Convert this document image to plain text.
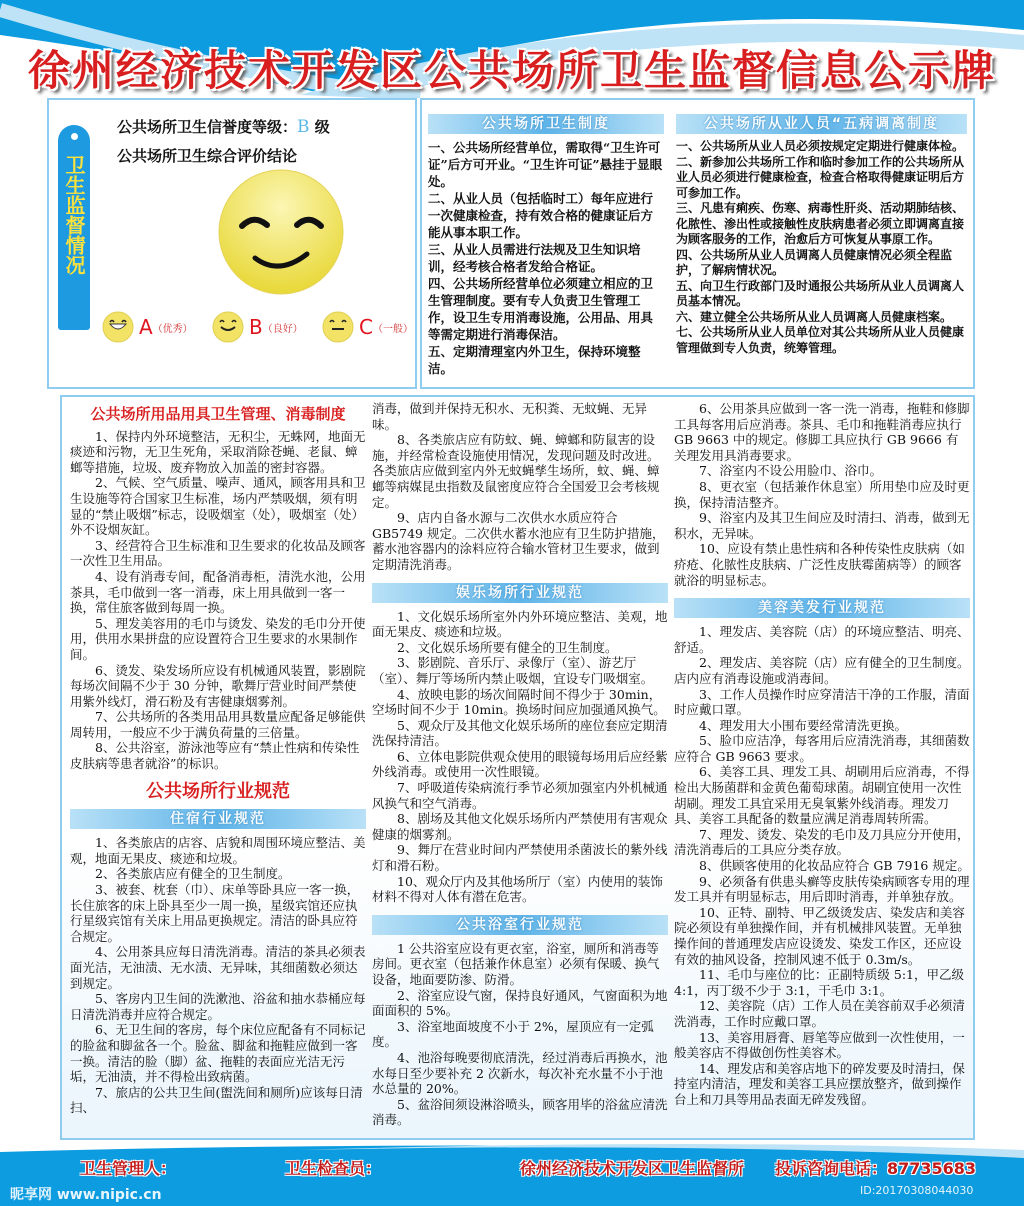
徐州经济技术开发区公共场所卫生监督信息公示牌
卫生监督情况
公共场所卫生信誉度等级：B 级
公共场所卫生综合评价结论
A （优秀）	B （良好）	C （一般）
公共场所卫生制度
一、公共场所经营单位，需取得“卫生许可证”后方可开业。“卫生许可证”悬挂于显眼处。
二、从业人员（包括临时工）每年应进行一次健康检查，持有效合格的健康证后方能从事本职工作。
三、从业人员需进行法规及卫生知识培训，经考核合格者发给合格证。
四、公共场所经营单位必须建立相应的卫生管理制度。要有专人负责卫生管理工作，设卫生专用消毒设施，公用品、用具等需定期进行消毒保洁。
五、定期清理室内外卫生，保持环境整洁。
公共场所从业人员“五病调离制度
一、公共场所从业人员必须按规定定期进行健康体检。
二、新参加公共场所工作和临时参加工作的公共场所从业人员必须进行健康检查，检查合格取得健康证明后方可参加工作。
三、凡患有痢疾、伤寒、病毒性肝炎、活动期肺结核、化脓性、渗出性或接触性皮肤病患者必须立即调离直接为顾客服务的工作，治愈后方可恢复从事原工作。
四、公共场所从业人员调离人员健康情况必须全程监护，了解病情状况。
五、向卫生行政部门及时通报公共场所从业人员调离人员基本情况。
六、建立健全公共场所从业人员调离人员健康档案。
七、公共场所从业人员单位对其公共场所从业人员健康管理做到专人负责，统筹管理。
公共场所用品用具卫生管理、消毒制度

1、保持内外环境整洁，无积尘，无蛛网，地面无痰迹和污物，无卫生死角，采取消除苍蝇、老鼠、蟑螂等措施，垃圾、废弃物放入加盖的密封容器。

2、气候、空气质量、噪声、通风，顾客用具和卫生设施等符合国家卫生标准，场内严禁吸烟，须有明显的“禁止吸烟”标志，设吸烟室（处），吸烟室（处）外不设烟灰缸。

3、经营符合卫生标准和卫生要求的化妆品及顾客一次性卫生用品。

4、设有消毒专间，配备消毒柜，清洗水池，公用茶具，毛巾做到一客一消毒，床上用具做到一客一换，常住旅客做到每周一换。

5、理发美容用的毛巾与烫发、染发的毛巾分开使用，供用水果拼盘的应设置符合卫生要求的水果制作间。

6、烫发、染发场所应设有机械通风装置，影剧院每场次间隔不少于 30 分钟，歌舞厅营业时间严禁使用紫外线灯，滑石粉及有害健康烟雾剂。

7、公共场所的各类用品用具数量应配备足够能供周转用，一般应不少于满负荷量的三倍量。

8、公共浴室，游泳池等应有“禁止性病和传染性皮肤病等患者就浴”的标识。

公共场所行业规范
住宿行业规范

1、各类旅店的店容、店貌和周围环境应整洁、美观，地面无果皮、痰迹和垃圾。

2、各类旅店应有健全的卫生制度。

3、被套、枕套（巾）、床单等卧具应一客一换，长住旅客的床上卧具至少一周一换，星级宾馆还应执行星级宾馆有关床上用品更换规定。清洁的卧具应符合规定。

4、公用茶具应每日清洗消毒。清洁的茶具必须表面光洁，无油渍、无水渍、无异味，其细菌数必须达到规定。

5、客房内卫生间的洗漱池、浴盆和抽水恭桶应每日清洗消毒并应符合规定。

6、无卫生间的客房，每个床位应配备有不同标记的脸盆和脚盆各一个。脸盆、脚盆和拖鞋应做到一客一换。清洁的脸（脚）盆、拖鞋的表面应光洁无污垢，无油渍，并不得检出致病菌。

7、旅店的公共卫生间(盥洗间和厕所)应该每日清扫、

消毒，做到并保持无积水、无积粪、无蚊蝇、无异味。

8、各类旅店应有防蚊、蝇、蟑螂和防鼠害的设施，并经常检查设施使用情况，发现问题及时改进。各类旅店应做到室内外无蚊蝇孳生场所，蚊、蝇、蟑螂等病媒昆虫指数及鼠密度应符合全国爱卫会考核规定。

9、店内自备水源与二次供水水质应符合GB5749 规定。二次供水蓄水池应有卫生防护措施，蓄水池容器内的涂料应符合输水管材卫生要求，做到定期清洗消毒。

娱乐场所行业规范

1、文化娱乐场所室外内外环境应整洁、美观，地面无果皮、痰迹和垃圾。

2、文化娱乐场所要有健全的卫生制度。

3、影剧院、音乐厅、录像厅（室）、游艺厅（室）、舞厅等场所内禁止吸烟，宜设专门吸烟室。

4、放映电影的场次间隔时间不得少于 30min，空场时间不少于 10min。换场时间应加强通风换气。

5、观众厅及其他文化娱乐场所的座位套应定期清洗保持清洁。

6、立体电影院供观众使用的眼镜每场用后应经紫外线消毒。或使用一次性眼镜。

7、呼吸道传染病流行季节必须加强室内外机械通风换气和空气消毒。

8、剧场及其他文化娱乐场所内严禁使用有害观众健康的烟雾剂。

9、舞厅在营业时间内严禁使用杀菌波长的紫外线灯和滑石粉。

10、观众厅内及其他场所厅（室）内使用的装饰材料不得对人体有潜在危害。

公共浴室行业规范

1 公共浴室应设有更衣室，浴室，厕所和消毒等房间。更衣室（包括兼作休息室）必须有保暖、换气设备，地面要防渗、防滑。

2、浴室应设气窗，保持良好通风，气窗面积为地面面积的 5%。

3、浴室地面坡度不小于 2%，屋顶应有一定弧度。

4、池浴每晚要彻底清洗，经过消毒后再换水，池水每日至少要补充 2 次新水，每次补充水量不小于池水总量的 20%。

5、盆浴间须设淋浴喷头，顾客用毕的浴盆应清洗消毒。

6、公用茶具应做到一客一洗一消毒，拖鞋和修脚工具每客用后应消毒。茶具、毛巾和拖鞋消毒应执行 GB 9663 中的规定。修脚工具应执行 GB 9666 有关理发用具消毒要求。

7、浴室内不设公用脸巾、浴巾。

8、更衣室（包括兼作休息室）所用垫巾应及时更换，保持清洁整齐。

9、浴室内及其卫生间应及时清扫、消毒，做到无积水，无异味。

10、应设有禁止患性病和各种传染性皮肤病（如疥疮、化脓性皮肤病、广泛性皮肤霉菌病等）的顾客就浴的明显标志。

美容美发行业规范

1、理发店、美容院（店）的环境应整洁、明亮、舒适。

2、理发店、美容院（店）应有健全的卫生制度。店内应有消毒设施或消毒间。

3、工作人员操作时应穿清洁干净的工作服，清面时应戴口罩。

4、理发用大小围布要经常清洗更换。

5、脸巾应洁净，每客用后应清洗消毒，其细菌数应符合 GB 9663 要求。

6、美容工具、理发工具、胡刷用后应消毒，不得检出大肠菌群和金黄色葡萄球菌。胡刷宜使用一次性胡刷。理发工具宜采用无臭氧紫外线消毒。理发刀具、美容工具配备的数量应满足消毒周转所需。

7、理发、烫发、染发的毛巾及刀具应分开使用，清洗消毒后的工具应分类存放。

8、供顾客使用的化妆品应符合 GB 7916 规定。

9、必须备有供患头癣等皮肤传染病顾客专用的理发工具并有明显标志，用后即时消毒，并单独存放。

10、正特、副特、甲乙级烫发店、染发店和美容院必须设有单独操作间，并有机械排风装置。无单独操作间的普通理发店应设烫发、染发工作区，还应设有效的抽风设备，控制风速不低于 0.3m/s。

11、毛巾与座位的比：正副特质级 5:1，甲乙级 4:1，丙丁级不少于 3:1，干毛巾 3:1。

12、美容院（店）工作人员在美容前双手必须清洗消毒，工作时应戴口罩。

13、美容用唇膏、唇笔等应做到一次性使用，一般美容店不得做创伤性美容术。

14、理发店和美容店地下的碎发要及时清扫，保持室内清洁，理发和美容工具应摆放整齐，做到操作台上和刀具等用品表面无碎发残留。

卫生管理人：	卫生检查员：	徐州经济技术开发区卫生监督所 投诉咨询电话：87735683
昵享网 www.nipic.cn	ID:20170308044030
